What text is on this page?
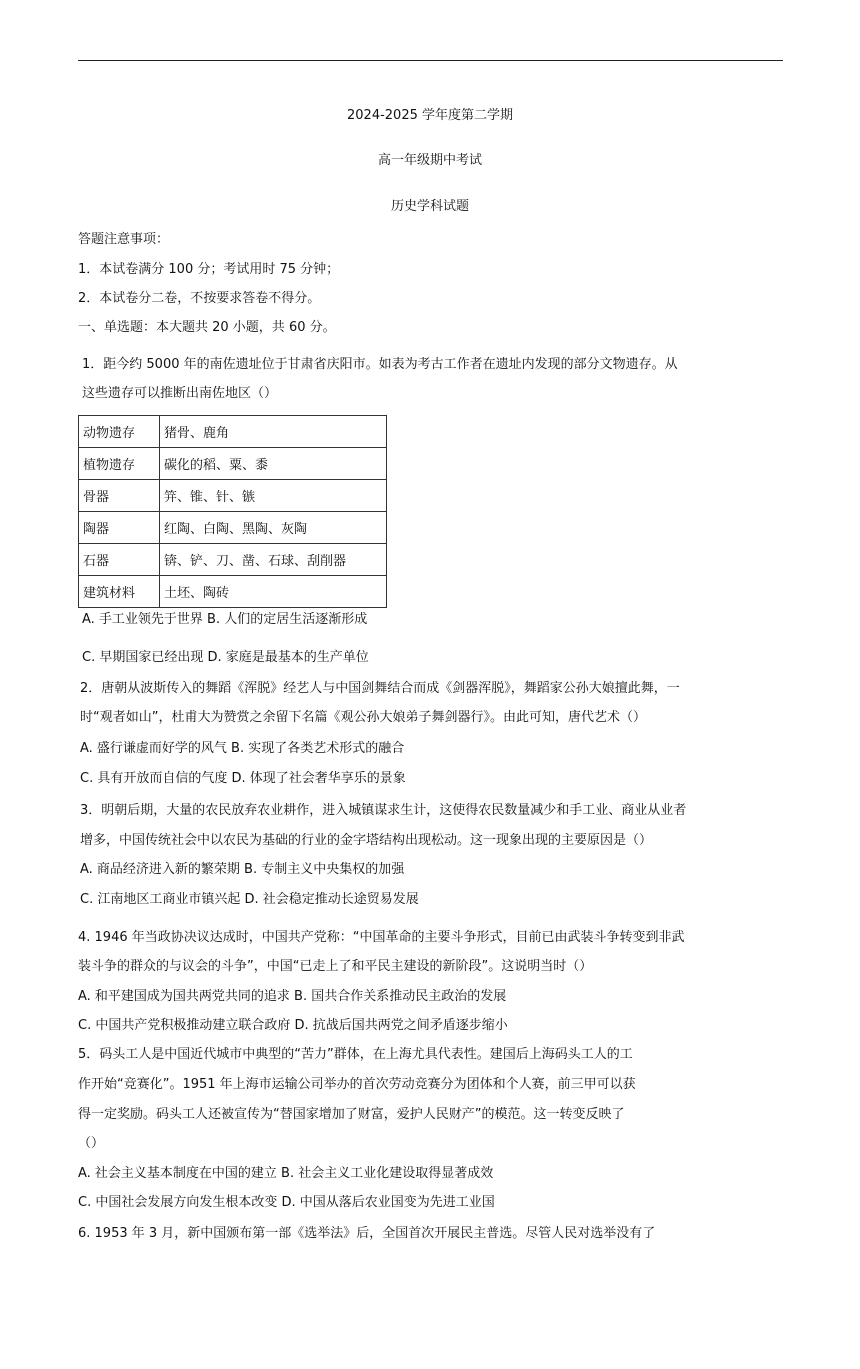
2024-2025 学年度第二学期
高一年级期中考试
历史学科试题
答题注意事项：
1．本试卷满分 100 分；考试用时 75 分钟；
2．本试卷分二卷，不按要求答卷不得分。
一、单选题：本大题共 20 小题，共 60 分。
1．距今约 5000 年的南佐遗址位于甘肃省庆阳市。如表为考古工作者在遗址内发现的部分文物遗存。从
这些遗存可以推断出南佐地区（）
动物遗存	猪骨、鹿角
植物遗存	碳化的稻、粟、黍
骨器	笄、锥、针、镞
陶器	红陶、白陶、黑陶、灰陶
石器	锛、铲、刀、凿、石球、刮削器
建筑材料	土坯、陶砖
A. 手工业领先于世界 B. 人们的定居生活逐渐形成
C. 早期国家已经出现 D. 家庭是最基本的生产单位
2．唐朝从波斯传入的舞蹈《浑脱》经艺人与中国剑舞结合而成《剑器浑脱》，舞蹈家公孙大娘擅此舞，一
时“观者如山”，杜甫大为赞赏之余留下名篇《观公孙大娘弟子舞剑器行》。由此可知，唐代艺术（）
A. 盛行谦虚而好学的风气 B. 实现了各类艺术形式的融合
C. 具有开放而自信的气度 D. 体现了社会奢华享乐的景象
3．明朝后期，大量的农民放弃农业耕作，进入城镇谋求生计，这使得农民数量减少和手工业、商业从业者
增多，中国传统社会中以农民为基础的行业的金字塔结构出现松动。这一现象出现的主要原因是（）
A. 商品经济进入新的繁荣期 B. 专制主义中央集权的加强
C. 江南地区工商业市镇兴起 D. 社会稳定推动长途贸易发展
4. 1946 年当政协决议达成时，中国共产党称：“中国革命的主要斗争形式，目前已由武装斗争转变到非武
装斗争的群众的与议会的斗争”，中国“已走上了和平民主建设的新阶段”。这说明当时（）
A. 和平建国成为国共两党共同的追求 B. 国共合作关系推动民主政治的发展
C. 中国共产党积极推动建立联合政府 D. 抗战后国共两党之间矛盾逐步缩小
5．码头工人是中国近代城市中典型的“苦力”群体，在上海尤具代表性。建国后上海码头工人的工
作开始“竞赛化”。1951 年上海市运输公司举办的首次劳动竞赛分为团体和个人赛，前三甲可以获
得一定奖励。码头工人还被宣传为“替国家增加了财富，爱护人民财产”的模范。这一转变反映了
（）
A. 社会主义基本制度在中国的建立 B. 社会主义工业化建设取得显著成效
C. 中国社会发展方向发生根本改变 D. 中国从落后农业国变为先进工业国
6. 1953 年 3 月，新中国颁布第一部《选举法》后，全国首次开展民主普选。尽管人民对选举没有了
